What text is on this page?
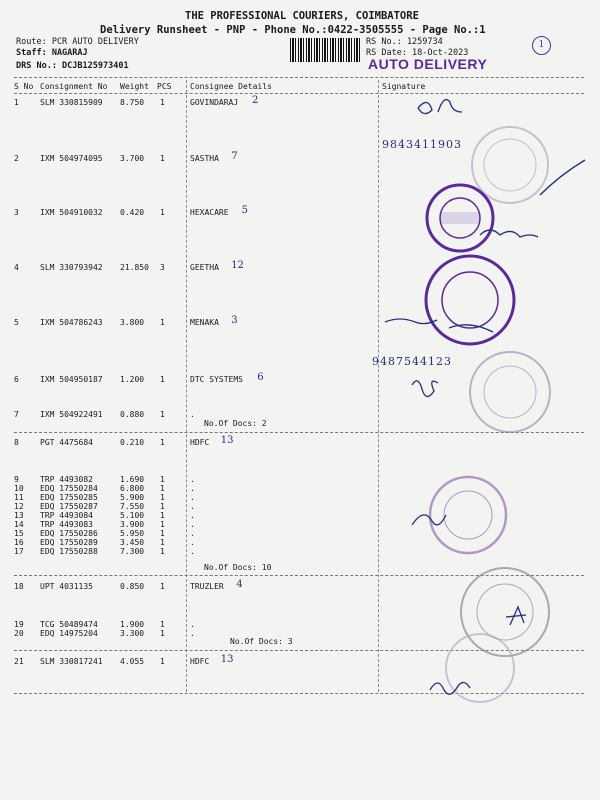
THE PROFESSIONAL COURIERS, COIMBATORE
Delivery Runsheet - PNP - Phone No.:0422-3505555 - Page No.:1
Route: PCR AUTO DELIVERY
Staff: NAGARAJ
DRS No.: DCJB125973401
RS No.: 1259734
RS Date: 18-Oct-2023
AUTO DELIVERY
1
S No Consignment No Weight PCS Consignee Details	Signature
1	SLM 330815909 8.750 1	GOVINDARAJ 2
2	IXM 504974095 3.700 1	SASTHA 7
3	IXM 504910032 0.420 1	HEXACARE 5
4	SLM 330793942 21.850 3	GEETHA 12
5	IXM 504786243 3.800 1	MENAKA 3
6	IXM 504950187 1.200 1	DTC SYSTEMS 6
7	IXM 504922491 0.880 1	.
8	PGT 4475684	0.210 1	HDFC 13
9	TRP 4493082	1.690 1	.
10 EDQ 17550284	6.800 1	.
11 EDQ 17550285	5.900 1	.
12 EDQ 17550287	7.550 1	.
13 TRP 4493084	5.100 1	.
14 TRP 4493083	3.900 1	.
15 EDQ 17550286	5.950 1	.
16 EDQ 17550289	3.450 1	.
17 EDQ 17550288	7.300 1	.
18 UPT 4031135	0.850 1	TRUZLER 4
19 TCG 50489474	1.900 1	.
20 EDQ 14975204	3.300 1	.
21 SLM 330817241 4.055 1	HDFC 13
No.Of Docs: 2
No.Of Docs: 10
No.Of Docs: 3
9843411903
9487544123
